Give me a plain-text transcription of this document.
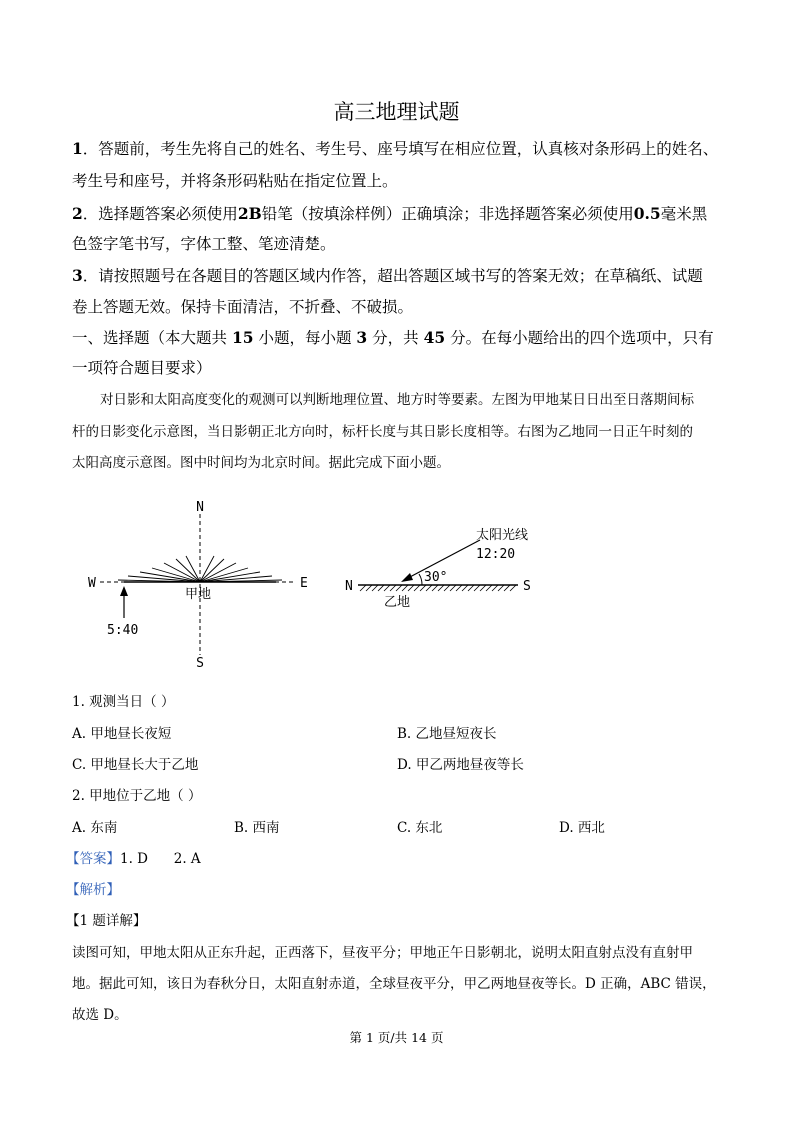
高三地理试题
1．答题前，考生先将自己的姓名、考生号、座号填写在相应位置，认真核对条形码上的姓名、
考生号和座号，并将条形码粘贴在指定位置上。
2．选择题答案必须使用2B铅笔（按填涂样例）正确填涂；非选择题答案必须使用0.5毫米黑
色签字笔书写，字体工整、笔迹清楚。
3．请按照题号在各题目的答题区域内作答，超出答题区域书写的答案无效；在草稿纸、试题
卷上答题无效。保持卡面清洁，不折叠、不破损。
一、选择题（本大题共 15 小题，每小题 3 分，共 45 分。在每小题给出的四个选项中，只有
一项符合题目要求）
对日影和太阳高度变化的观测可以判断地理位置、地方时等要素。左图为甲地某日日出至日落期间标
杆的日影变化示意图，当日影朝正北方向时，标杆长度与其日影长度相等。右图为乙地同一日正午时刻的
太阳高度示意图。图中时间均为北京时间。据此完成下面小题。
N
S
W	E
甲地
5:40
太阳光线
12:20
30°
N	S
乙地
1. 观测当日（ ）
A. 甲地昼长夜短	B. 乙地昼短夜长
C. 甲地昼长大于乙地	D. 甲乙两地昼夜等长
2. 甲地位于乙地（ ）
A. 东南	B. 西南	C. 东北	D. 西北
【答案】1. D      2. A
【解析】
【1 题详解】
读图可知，甲地太阳从正东升起，正西落下，昼夜平分；甲地正午日影朝北，说明太阳直射点没有直射甲
地。据此可知，该日为春秋分日，太阳直射赤道，全球昼夜平分，甲乙两地昼夜等长。D 正确，ABC 错误，
故选 D。
第 1 页/共 14 页
